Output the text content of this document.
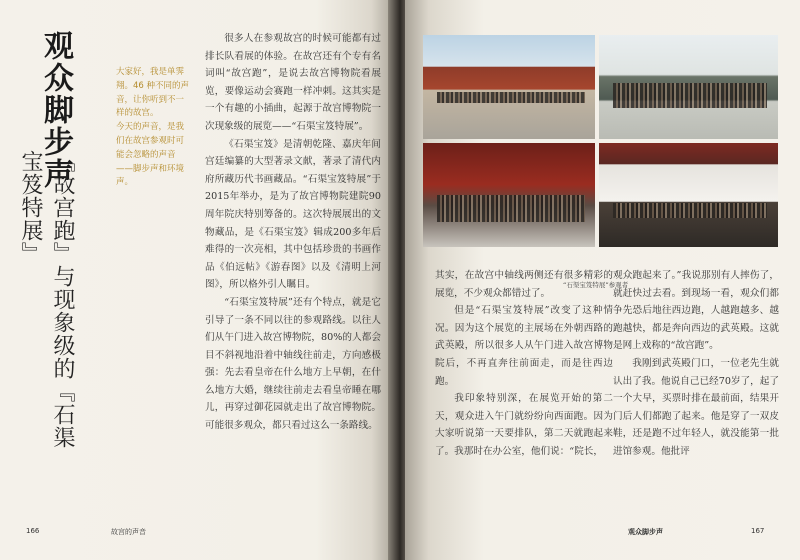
观众脚步声
『故宫跑』与现象级的『石渠宝笈特展』

大家好，我是单霁翔。46 种不同的声音，让你听到不一样的故宫。

今天的声音，是我们在故宫参观时可能会忽略的声音——脚步声和环境声。

很多人在参观故宫的时候可能都有过排长队看展的体验。在故宫还有个专有名词叫“故宫跑”，是说去故宫博物院看展览，要像运动会赛跑一样冲刺。这其实是一个有趣的小插曲，起源于故宫博物院一次现象级的展览——“石渠宝笈特展”。

《石渠宝笈》是清朝乾隆、嘉庆年间宫廷编纂的大型著录文献，著录了清代内府所藏历代书画藏品。“石渠宝笈特展”于2015年举办，是为了故宫博物院建院90周年院庆特别筹备的。这次特展展出的文物藏品，是《石渠宝笈》辑成200多年后难得的一次亮相，其中包括珍贵的书画作品《伯远帖》《游春图》以及《清明上河图》，所以格外引人瞩目。

“石渠宝笈特展”还有个特点，就是它引导了一条不同以往的参观路线。以往人们从午门进入故宫博物院，80%的人都会目不斜视地沿着中轴线往前走，方向感极强：先去看皇帝在什么地方上早朝，在什么地方大婚，继续往前走去看皇帝睡在哪儿，再穿过御花园就走出了故宫博物院。可能很多观众，都只看过这么一条路线。

166	故宫的声音
“石渠宝笈特展”参观者

其实，在故宫中轴线两侧还有很多精彩的展览，不少观众都错过了。

但是“石渠宝笈特展”改变了这种情况。因为这个展览的主展场在外朝西路的武英殿，所以很多人从午门进入故宫博物院后，不再直奔往前面走，而是往西边跑。

我印象特别深，在展览开始的第二天，观众进入午门就纷纷向西面跑。因为大家听说第一天要排队，第二天就跑起来了。我那时在办公室，他们说：“院长，

观众跑起来了。”我说那别有人摔伤了，就赶快过去看。到现场一看，观众们都争先恐后地往西边跑，人越跑越多、越跑越快，都是奔向西边的武英殿。这就是网上戏称的“故宫跑”。

我刚到武英殿门口，一位老先生就认出了我。他说自己已经70岁了，起了一个大早，买票时排在最前面，结果开门后人们都跑了起来。他是穿了一双皮鞋，还是跑不过年轻人，就没能第一批进馆参观。他批评

观众脚步声	167
